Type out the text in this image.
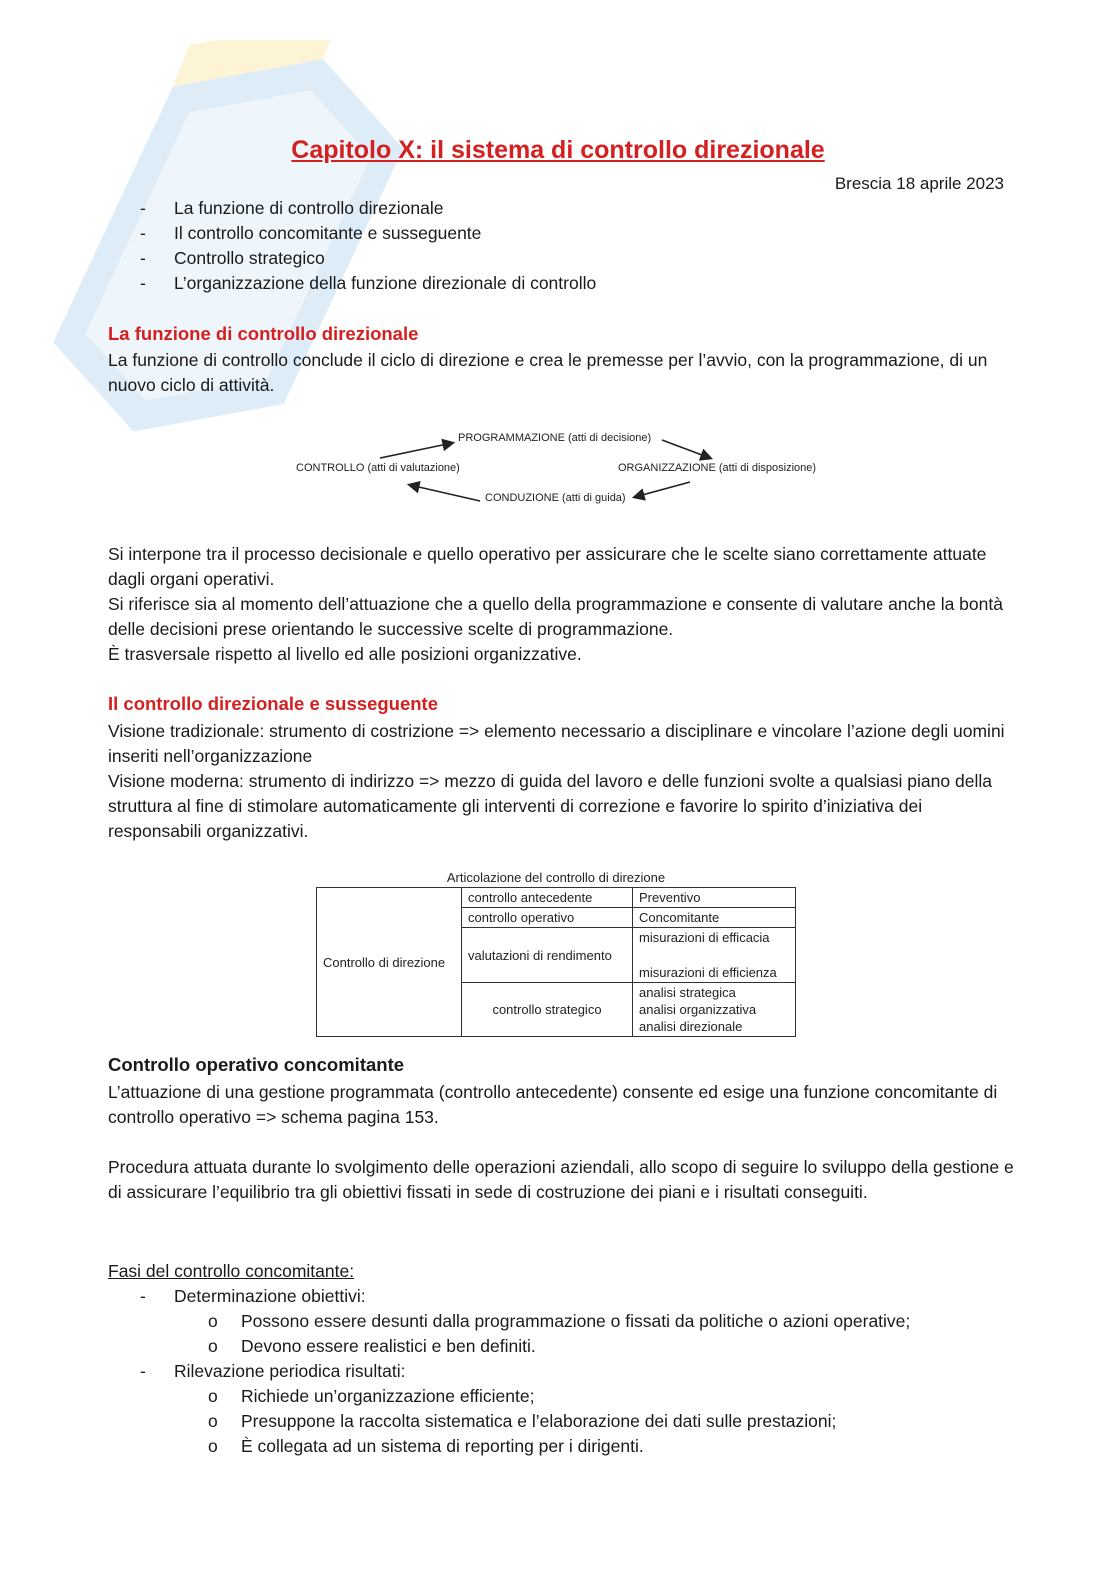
Capitolo X: il sistema di controllo direzionale
Brescia 18 aprile 2023
-	La funzione di controllo direzionale
-	Il controllo concomitante e susseguente
-	Controllo strategico
-	L’organizzazione della funzione direzionale di controllo
La funzione di controllo direzionale
La funzione di controllo conclude il ciclo di direzione e crea le premesse per l’avvio, con la programmazione, di un nuovo ciclo di attività.
PROGRAMMAZIONE (atti di decisione)
CONTROLLO (atti di valutazione)	ORGANIZZAZIONE (atti di disposizione)
CONDUZIONE (atti di guida)

Si interpone tra il processo decisionale e quello operativo per assicurare che le scelte siano correttamente attuate dagli organi operativi.

Si riferisce sia al momento dell’attuazione che a quello della programmazione e consente di valutare anche la bontà delle decisioni prese orientando le successive scelte di programmazione.

È trasversale rispetto al livello ed alle posizioni organizzative.

Il controllo direzionale e susseguente

Visione tradizionale: strumento di costrizione => elemento necessario a disciplinare e vincolare l’azione degli uomini inseriti nell’organizzazione

Visione moderna: strumento di indirizzo => mezzo di guida del lavoro e delle funzioni svolte a qualsiasi piano della struttura al fine di stimolare automaticamente gli interventi di correzione e favorire lo spirito d’iniziativa dei responsabili organizzativi.

Articolazione del controllo di direzione
Controllo di direzione	controllo antecedente	Preventivo
	controllo operativo	Concomitante
	valutazioni di rendimento	misurazioni di efficacia
misurazioni di efficienza

	controllo strategico	analisi strategica
analisi organizzativa
analisi direzionale
Controllo operativo concomitante
L’attuazione di una gestione programmata (controllo antecedente) consente ed esige una funzione concomitante di controllo operativo => schema pagina 153.
Procedura attuata durante lo svolgimento delle operazioni aziendali, allo scopo di seguire lo sviluppo della gestione e di assicurare l’equilibrio tra gli obiettivi fissati in sede di costruzione dei piani e i risultati conseguiti.
Fasi del controllo concomitante:
-	Determinazione obiettivi:
o	Possono essere desunti dalla programmazione o fissati da politiche o azioni operative;
o	Devono essere realistici e ben definiti.
-	Rilevazione periodica risultati:
o	Richiede un’organizzazione efficiente;
o	Presuppone la raccolta sistematica e l’elaborazione dei dati sulle prestazioni;
o	È collegata ad un sistema di reporting per i dirigenti.
